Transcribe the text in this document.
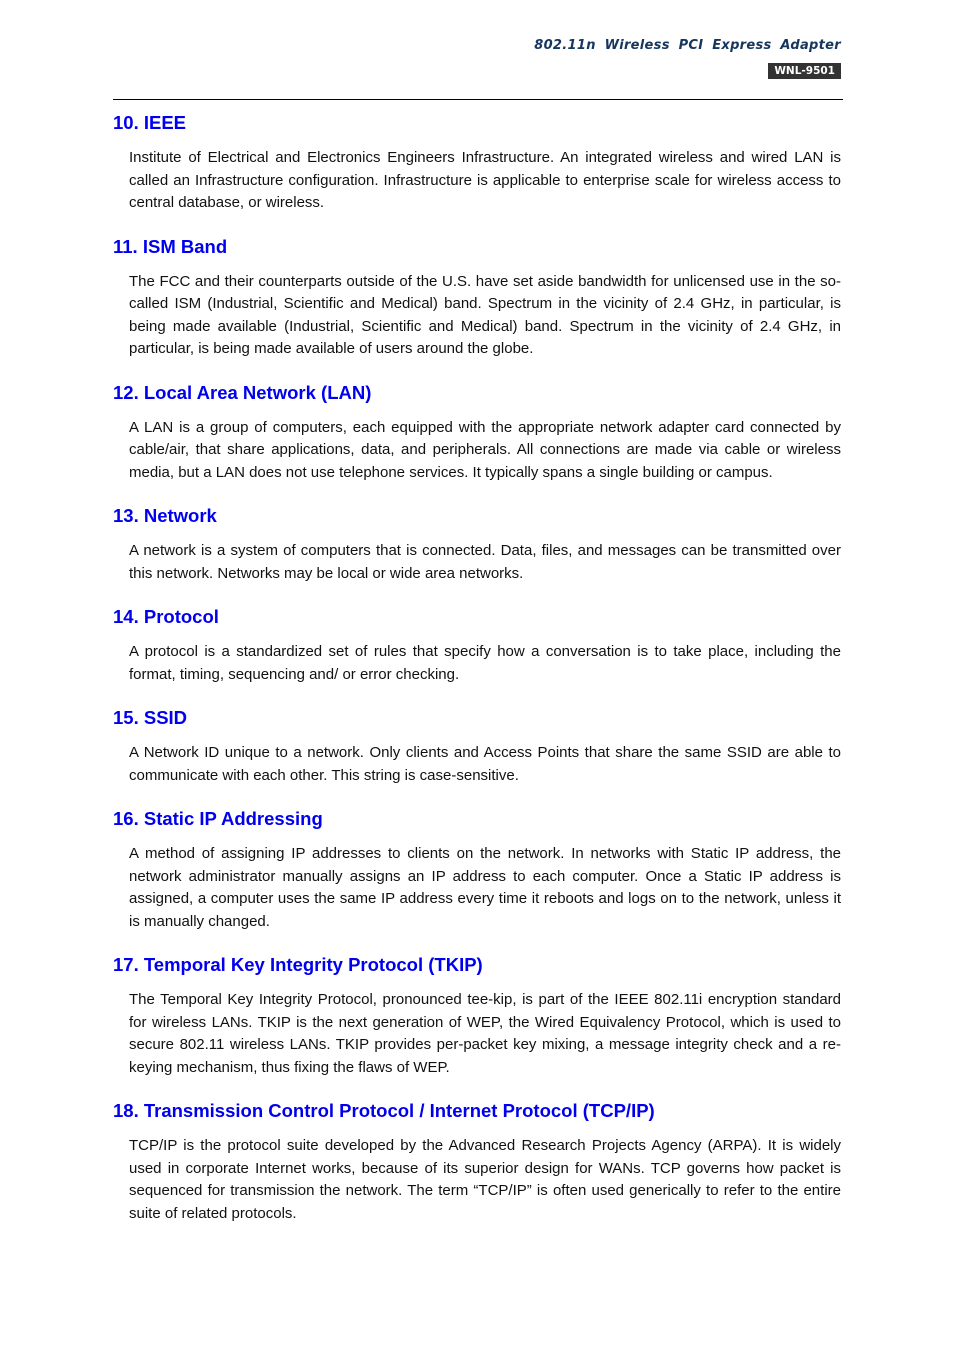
802.11n Wireless PCI Express Adapter
WNL-9501
10. IEEE

Institute of Electrical and Electronics Engineers Infrastructure. An integrated wireless and wired LAN is called an Infrastructure configuration. Infrastructure is applicable to enterprise scale for wireless access to central database, or wireless.

11. ISM Band

The FCC and their counterparts outside of the U.S. have set aside bandwidth for unlicensed use in the so-called ISM (Industrial, Scientific and Medical) band. Spectrum in the vicinity of 2.4 GHz, in particular, is being made available (Industrial, Scientific and Medical) band. Spectrum in the vicinity of 2.4 GHz, in particular, is being made available of users around the globe.

12. Local Area Network (LAN)

A LAN is a group of computers, each equipped with the appropriate network adapter card connected by cable/air, that share applications, data, and peripherals. All connections are made via cable or wireless media, but a LAN does not use telephone services. It typically spans a single building or campus.

13. Network

A network is a system of computers that is connected. Data, files, and messages can be transmitted over this network. Networks may be local or wide area networks.

14. Protocol

A protocol is a standardized set of rules that specify how a conversation is to take place, including the format, timing, sequencing and/ or error checking.

15. SSID

A Network ID unique to a network. Only clients and Access Points that share the same SSID are able to communicate with each other. This string is case-sensitive.

16. Static IP Addressing

A method of assigning IP addresses to clients on the network. In networks with Static IP address, the network administrator manually assigns an IP address to each computer. Once a Static IP address is assigned, a computer uses the same IP address every time it reboots and logs on to the network, unless it is manually changed.

17. Temporal Key Integrity Protocol (TKIP)

The Temporal Key Integrity Protocol, pronounced tee-kip, is part of the IEEE 802.11i encryption standard for wireless LANs. TKIP is the next generation of WEP, the Wired Equivalency Protocol, which is used to secure 802.11 wireless LANs. TKIP provides per-packet key mixing, a message integrity check and a re-keying mechanism, thus fixing the flaws of WEP.

18. Transmission Control Protocol / Internet Protocol (TCP/IP)

TCP/IP is the protocol suite developed by the Advanced Research Projects Agency (ARPA). It is widely used in corporate Internet works, because of its superior design for WANs. TCP governs how packet is sequenced for transmission the network. The term “TCP/IP” is often used generically to refer to the entire suite of related protocols.
